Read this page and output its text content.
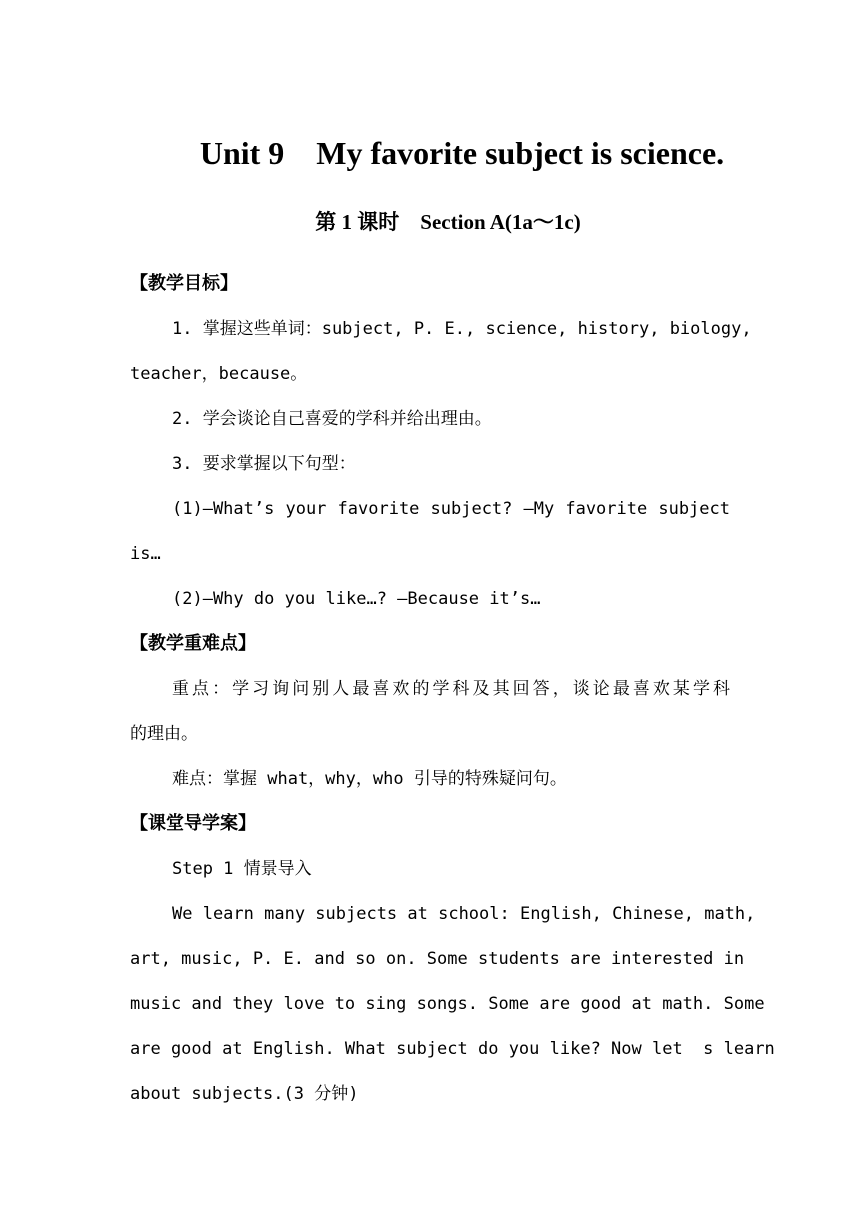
Unit 9    My favorite subject is science.
第 1 课时    Section A(1a～1c)
【教学目标】
1. 掌握这些单词：subject, P. E., science, history, biology,
teacher，because。
2. 学会谈论自己喜爱的学科并给出理由。
3. 要求掌握以下句型：
(1)—What’s your favorite subject? —My favorite subject
is…
(2)—Why do you like…? —Because it’s…
【教学重难点】
重点：学习询问别人最喜欢的学科及其回答，谈论最喜欢某学科
的理由。
难点：掌握 what，why，who 引导的特殊疑问句。
【课堂导学案】
Step 1 情景导入
We learn many subjects at school: English, Chinese, math,
art, music, P. E. and so on. Some students are interested in
music and they love to sing songs. Some are good at math. Some
are good at English. What subject do you like? Now let  s learn
about subjects.(3 分钟)
